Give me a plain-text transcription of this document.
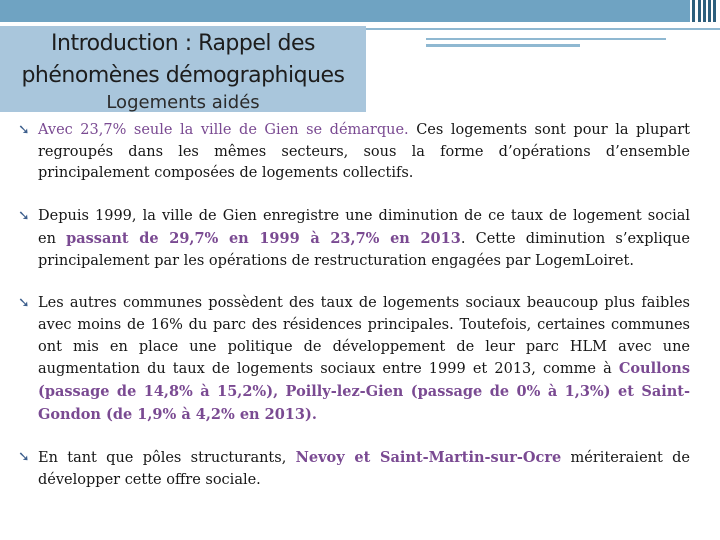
Introduction : Rappel des
phénomènes démographiques
Logements aidés
➘ Avec 23,7% seule la ville de Gien se démarque. Ces logements sont pour la plupart regroupés dans les mêmes secteurs, sous la forme d’opérations d’ensemble principalement composées de logements collectifs.
➘ Depuis 1999, la ville de Gien enregistre une diminution de ce taux de logement social en passant de 29,7% en 1999 à 23,7% en 2013. Cette diminution s’explique principalement par les opérations de restructuration engagées par LogemLoiret.
➘ Les autres communes possèdent des taux de logements sociaux beaucoup plus faibles avec moins de 16% du parc des résidences principales. Toutefois, certaines communes ont mis en place une politique de développement de leur parc HLM avec une augmentation du taux de logements sociaux entre 1999 et 2013, comme à Coullons (passage de 14,8% à 15,2%), Poilly-lez-Gien (passage de 0% à 1,3%) et Saint-Gondon (de 1,9% à 4,2% en 2013).
➘ En tant que pôles structurants, Nevoy et Saint-Martin-sur-Ocre mériteraient de développer cette offre sociale.
